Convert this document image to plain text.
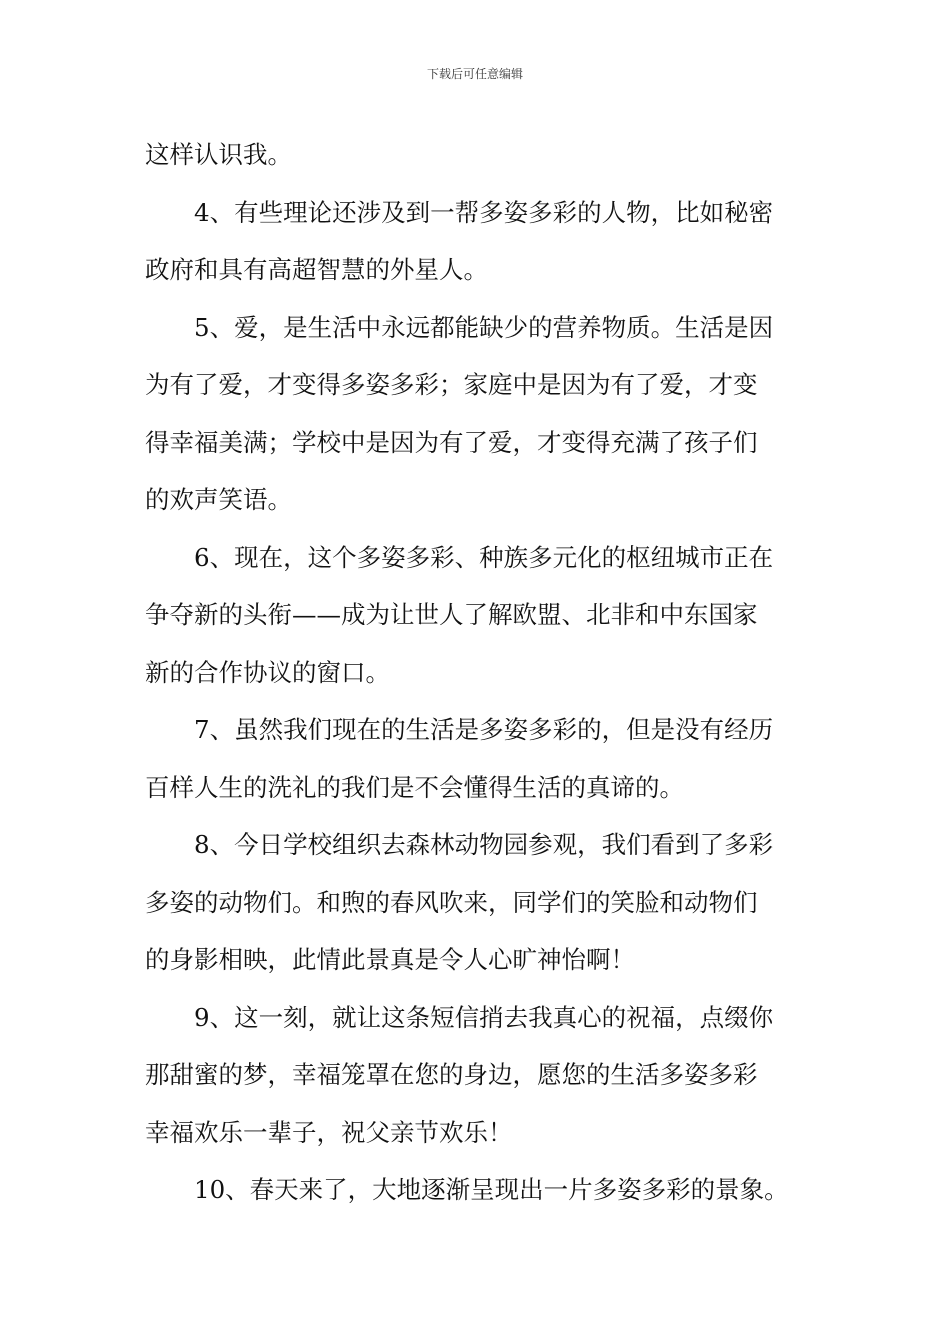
下载后可任意编辑
这样认识我。
　　4、有些理论还涉及到一帮多姿多彩的人物，比如秘密
政府和具有高超智慧的外星人。
　　5、爱，是生活中永远都能缺少的营养物质。生活是因
为有了爱，才变得多姿多彩；家庭中是因为有了爱，才变
得幸福美满；学校中是因为有了爱，才变得充满了孩子们
的欢声笑语。
　　6、现在，这个多姿多彩、种族多元化的枢纽城市正在
争夺新的头衔——成为让世人了解欧盟、北非和中东国家
新的合作协议的窗口。
　　7、虽然我们现在的生活是多姿多彩的，但是没有经历
百样人生的洗礼的我们是不会懂得生活的真谛的。
　　8、今日学校组织去森林动物园参观，我们看到了多彩
多姿的动物们。和煦的春风吹来，同学们的笑脸和动物们
的身影相映，此情此景真是令人心旷神怡啊！
　　9、这一刻，就让这条短信捎去我真心的祝福，点缀你
那甜蜜的梦，幸福笼罩在您的身边，愿您的生活多姿多彩
幸福欢乐一辈子，祝父亲节欢乐！
　　10、春天来了，大地逐渐呈现出一片多姿多彩的景象。
